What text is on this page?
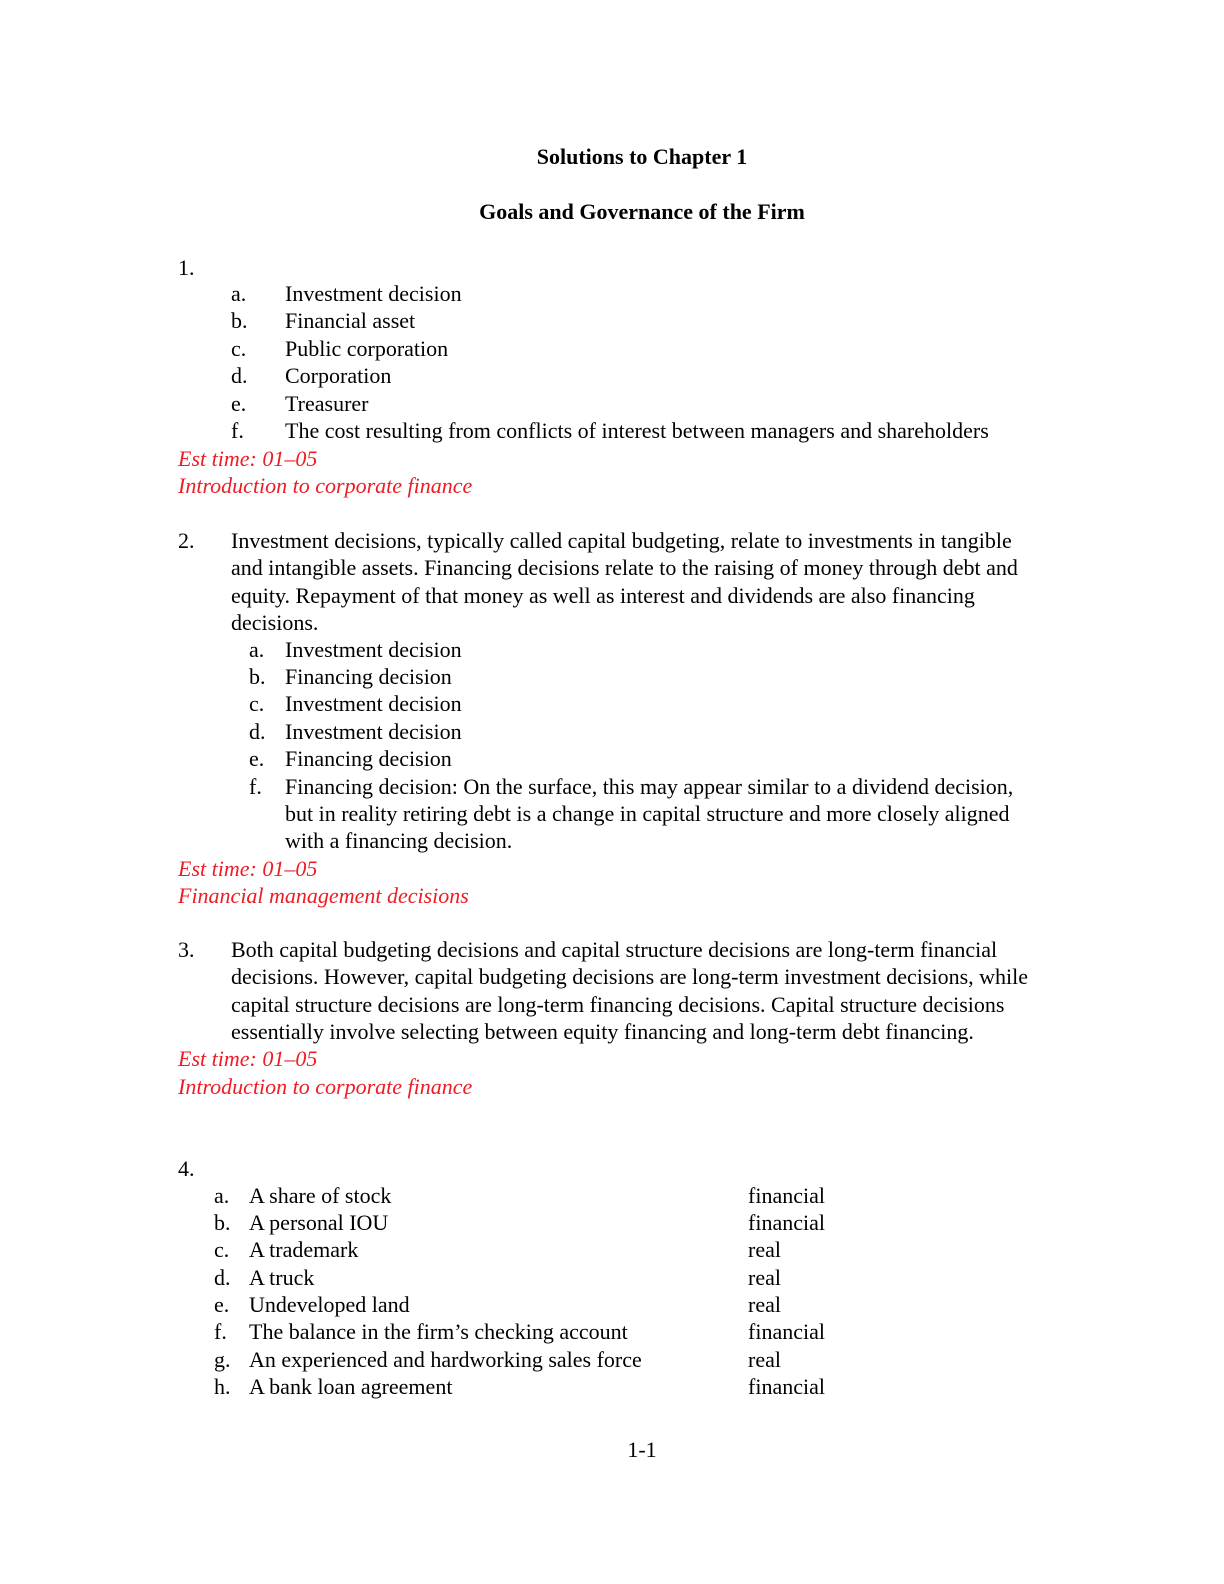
Solutions to Chapter 1
Goals and Governance of the Firm
1.
a. Investment decision
b. Financial asset
c. Public corporation
d. Corporation
e. Treasurer
f. The cost resulting from conflicts of interest between managers and shareholders
Est time: 01–05
Introduction to corporate finance
2. Investment decisions, typically called capital budgeting, relate to investments in tangible
and intangible assets. Financing decisions relate to the raising of money through debt and
equity. Repayment of that money as well as interest and dividends are also financing
decisions.
a. Investment decision
b. Financing decision
c. Investment decision
d. Investment decision
e. Financing decision
f. Financing decision: On the surface, this may appear similar to a dividend decision,
but in reality retiring debt is a change in capital structure and more closely aligned
with a financing decision.
Est time: 01–05
Financial management decisions
3. Both capital budgeting decisions and capital structure decisions are long-term financial
decisions. However, capital budgeting decisions are long-term investment decisions, while
capital structure decisions are long-term financing decisions. Capital structure decisions
essentially involve selecting between equity financing and long-term debt financing.
Est time: 01–05
Introduction to corporate finance
4.
a. A share of stock	financial
b. A personal IOU	financial
c. A trademark	real
d. A truck	real
e. Undeveloped land	real
f. The balance in the firm’s checking account	financial
g. An experienced and hardworking sales force	real
h. A bank loan agreement	financial
1-1
